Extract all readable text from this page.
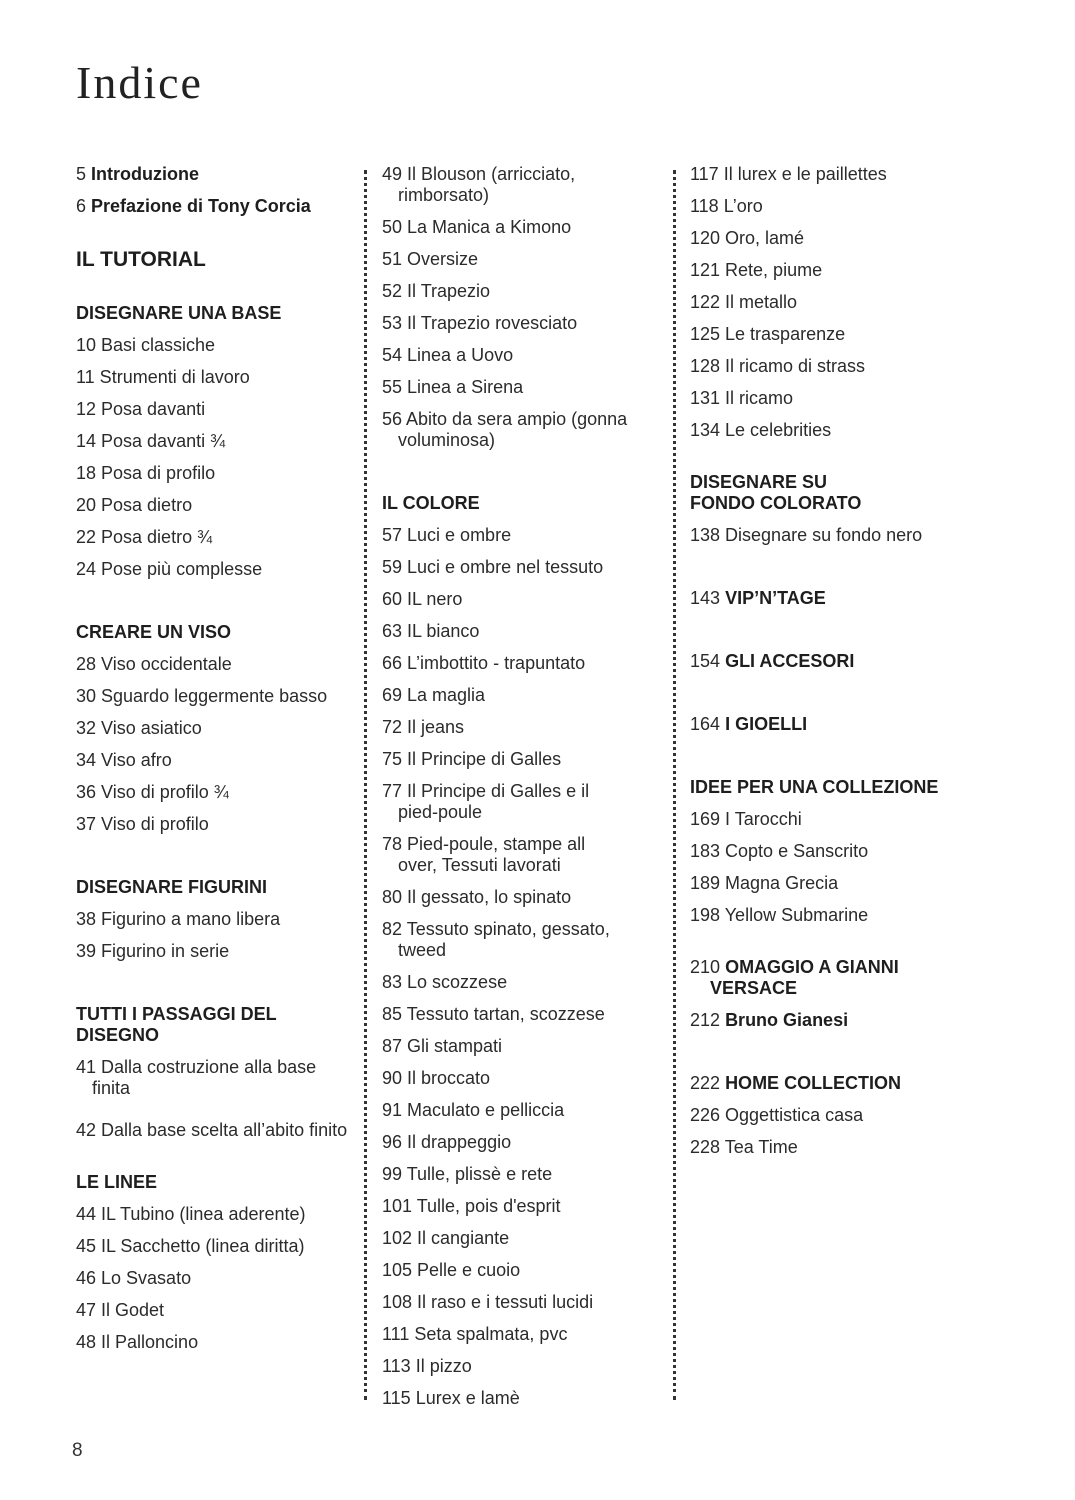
Indice
5 Introduzione
6 Prefazione di Tony Corcia
IL TUTORIAL
DISEGNARE UNA BASE
10 Basi classiche
11 Strumenti di lavoro
12 Posa davanti
14 Posa davanti ¾
18 Posa di profilo
20 Posa dietro
22 Posa dietro ¾
24 Pose più complesse
CREARE UN VISO
28 Viso occidentale
30 Sguardo leggermente basso
32 Viso asiatico
34 Viso afro
36 Viso di profilo ¾
37 Viso di profilo
DISEGNARE FIGURINI
38 Figurino a mano libera
39 Figurino in serie
TUTTI I PASSAGGI DEL DISEGNO
41 Dalla costruzione alla base
finita
42 Dalla base scelta all’abito finito
LE LINEE
44 IL Tubino (linea aderente)
45 IL Sacchetto (linea diritta)
46 Lo Svasato
47 Il Godet
48 Il Palloncino
49 Il Blouson (arricciato,
rimborsato)
50 La Manica a Kimono
51 Oversize
52 Il Trapezio
53 Il Trapezio rovesciato
54 Linea a Uovo
55 Linea a Sirena
56 Abito da sera ampio (gonna
voluminosa)
IL COLORE
57 Luci e ombre
59 Luci e ombre nel tessuto
60 IL nero
63 IL bianco
66 L’imbottito - trapuntato
69 La maglia
72 Il jeans
75 Il Principe di Galles
77 Il Principe di Galles e il
pied-poule
78 Pied-poule, stampe all
over, Tessuti lavorati
80 Il gessato, lo spinato
82 Tessuto spinato, gessato,
tweed
83 Lo scozzese
85 Tessuto tartan, scozzese
87 Gli stampati
90 Il broccato
91 Maculato e pelliccia
96 Il drappeggio
99 Tulle, plissè e rete
101 Tulle, pois d'esprit
102 Il cangiante
105 Pelle e cuoio
108 Il raso e i tessuti lucidi
111 Seta spalmata, pvc
113 Il pizzo
115 Lurex e lamè
117 Il lurex e le paillettes
118 L’oro
120 Oro, lamé
121 Rete, piume
122 Il metallo
125 Le trasparenze
128 Il ricamo di strass
131 Il ricamo
134 Le celebrities
DISEGNARE SU
FONDO COLORATO
138 Disegnare su fondo nero
143 VIP’N’TAGE
154 GLI ACCESORI
164 I GIOELLI
IDEE PER UNA COLLEZIONE
169 I Tarocchi
183 Copto e Sanscrito
189 Magna Grecia
198 Yellow Submarine
210 OMAGGIO A GIANNI
VERSACE
212 Bruno Gianesi
222 HOME COLLECTION
226 Oggettistica casa
228 Tea Time
8
